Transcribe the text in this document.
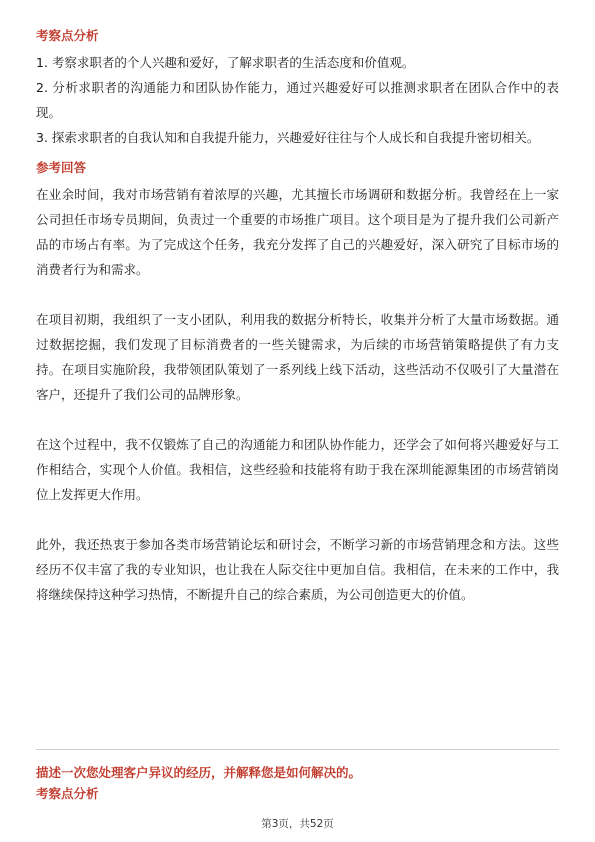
考察点分析

1. 考察求职者的个人兴趣和爱好，了解求职者的生活态度和价值观。

2. 分析求职者的沟通能力和团队协作能力，通过兴趣爱好可以推测求职者在团队合作中的表现。

3. 探索求职者的自我认知和自我提升能力，兴趣爱好往往与个人成长和自我提升密切相关。

参考回答

在业余时间，我对市场营销有着浓厚的兴趣，尤其擅长市场调研和数据分析。我曾经在上一家公司担任市场专员期间，负责过一个重要的市场推广项目。这个项目是为了提升我们公司新产品的市场占有率。为了完成这个任务，我充分发挥了自己的兴趣爱好，深入研究了目标市场的消费者行为和需求。

在项目初期，我组织了一支小团队，利用我的数据分析特长，收集并分析了大量市场数据。通过数据挖掘，我们发现了目标消费者的一些关键需求，为后续的市场营销策略提供了有力支持。在项目实施阶段，我带领团队策划了一系列线上线下活动，这些活动不仅吸引了大量潜在客户，还提升了我们公司的品牌形象。

在这个过程中，我不仅锻炼了自己的沟通能力和团队协作能力，还学会了如何将兴趣爱好与工作相结合，实现个人价值。我相信，这些经验和技能将有助于我在深圳能源集团的市场营销岗位上发挥更大作用。

此外，我还热衷于参加各类市场营销论坛和研讨会，不断学习新的市场营销理念和方法。这些经历不仅丰富了我的专业知识，也让我在人际交往中更加自信。我相信，在未来的工作中，我将继续保持这种学习热情，不断提升自己的综合素质，为公司创造更大的价值。

描述一次您处理客户异议的经历，并解释您是如何解决的。

考察点分析
第3页，共52页
